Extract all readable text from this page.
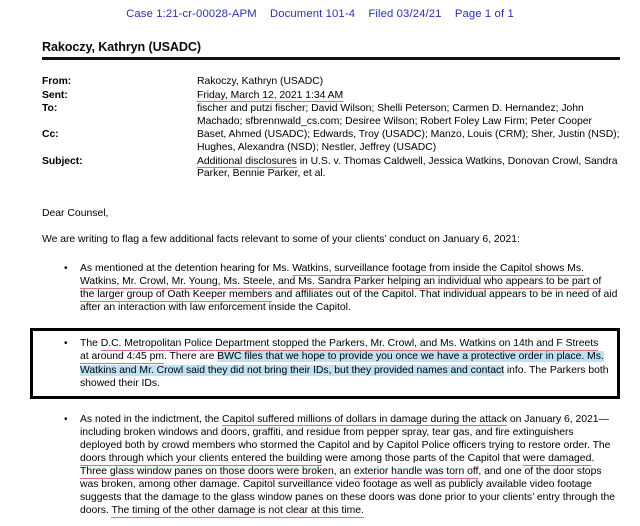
Case 1:21-cr-00028-APM Document 101-4 Filed 03/24/21 Page 1 of 1
Rakoczy, Kathryn (USADC)
From:	Rakoczy, Kathryn (USADC)
Sent:	Friday, March 12, 2021 1:34 AM
To:	fischer and putzi fischer; David Wilson; Shelli Peterson; Carmen D. Hernandez; John Machado; sfbrennwald_cs.com; Desiree Wilson; Robert Foley Law Firm; Peter Cooper
Cc:	Baset, Ahmed (USADC); Edwards, Troy (USADC); Manzo, Louis (CRM); Sher, Justin (NSD); Hughes, Alexandra (NSD); Nestler, Jeffrey (USADC)
Subject:	Additional disclosures in U.S. v. Thomas Caldwell, Jessica Watkins, Donovan Crowl, Sandra Parker, Bennie Parker, et al.
Dear Counsel,
We are writing to flag a few additional facts relevant to some of your clients’ conduct on January 6, 2021:
• As mentioned at the detention hearing for Ms. Watkins, surveillance footage from inside the Capitol shows Ms. Watkins, Mr. Crowl, Mr. Young, Ms. Steele, and Ms. Sandra Parker helping an individual who appears to be part of the larger group of Oath Keeper members and affiliates out of the Capitol. That individual appears to be in need of aid after an interaction with law enforcement inside the Capitol.
• The D.C. Metropolitan Police Department stopped the Parkers, Mr. Crowl, and Ms. Watkins on 14th and F Streets at around 4:45 pm. There are BWC files that we hope to provide you once we have a protective order in place. Ms. Watkins and Mr. Crowl said they did not bring their IDs, but they provided names and contact info. The Parkers both showed their IDs.
• As noted in the indictment, the Capitol suffered millions of dollars in damage during the attack on January 6, 2021—including broken windows and doors, graffiti, and residue from pepper spray, tear gas, and fire extinguishers deployed both by crowd members who stormed the Capitol and by Capitol Police officers trying to restore order. The doors through which your clients entered the building were among those parts of the Capitol that were damaged. Three glass window panes on those doors were broken, an exterior handle was torn off, and one of the door stops was broken, among other damage. Capitol surveillance video footage as well as publicly available video footage suggests that the damage to the glass window panes on these doors was done prior to your clients’ entry through the doors. The timing of the other damage is not clear at this time.
